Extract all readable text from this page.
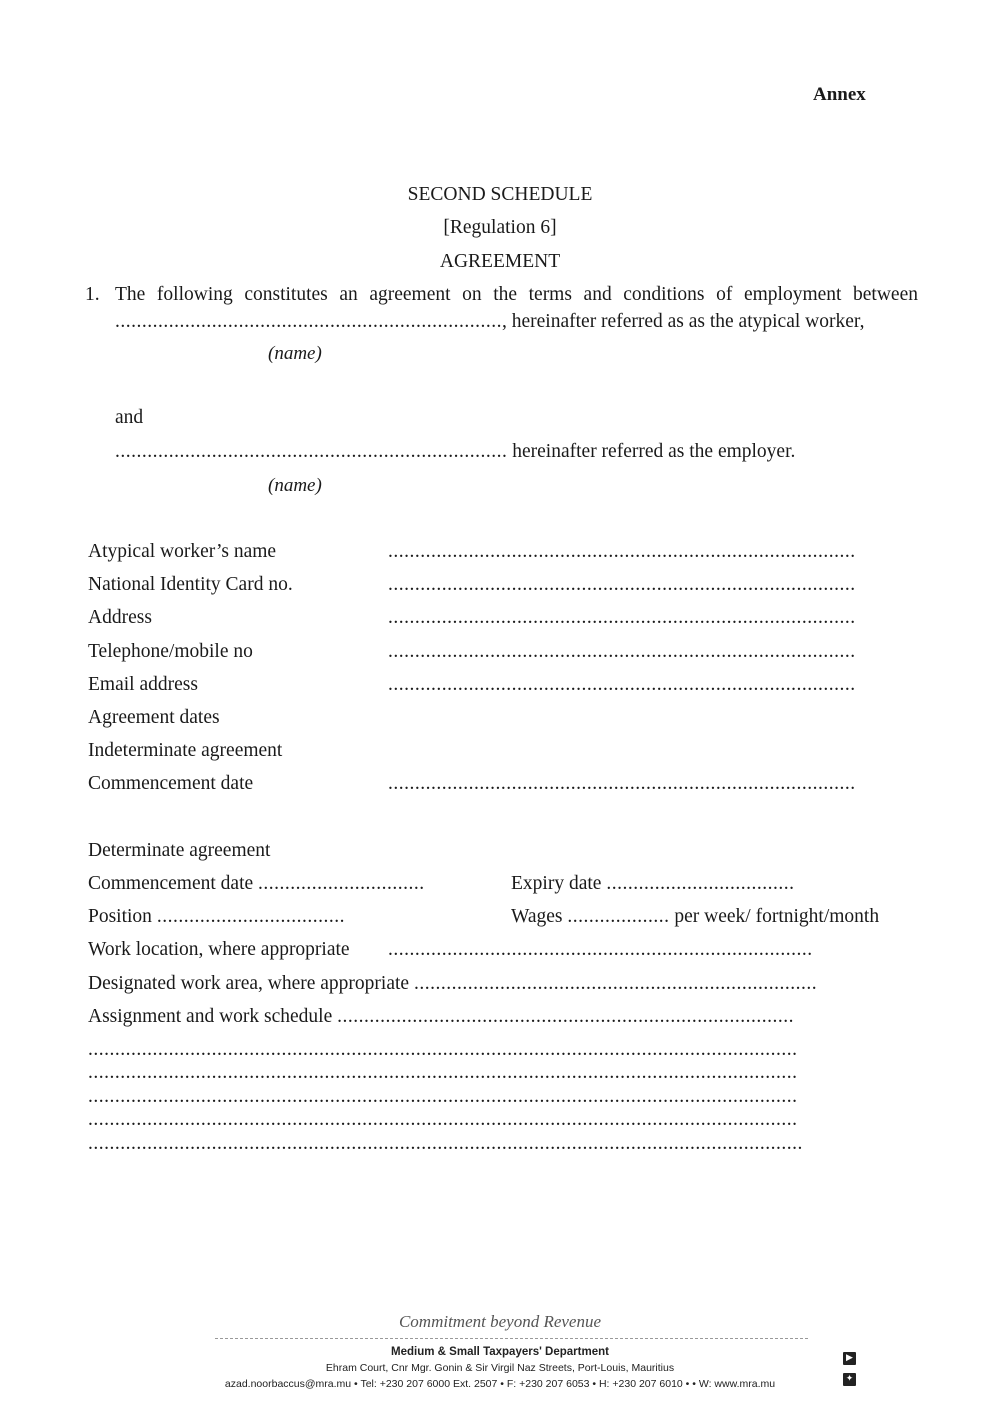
Annex
SECOND SCHEDULE
[Regulation 6]
AGREEMENT
1. The following constitutes an agreement on the terms and conditions of employment between
........................................................................, hereinafter referred as as the atypical worker,
(name)
and
......................................................................... hereinafter referred as the employer.
(name)
Atypical worker’s name	.......................................................................................
National Identity Card no.	.......................................................................................
Address	.......................................................................................
Telephone/mobile no	.......................................................................................
Email address	.......................................................................................
Agreement dates
Indeterminate agreement
Commencement date	.......................................................................................
Determinate agreement
Commencement date ...............................	Expiry date ...................................
Position ...................................	Wages ................... per week/ fortnight/month
Work location, where appropriate ...............................................................................
Designated work area, where appropriate ...........................................................................
Assignment and work schedule .....................................................................................
....................................................................................................................................
....................................................................................................................................
....................................................................................................................................
....................................................................................................................................
.....................................................................................................................................
Commitment beyond Revenue
Medium & Small Taxpayers' Department
Ehram Court, Cnr Mgr. Gonin & Sir Virgil Naz Streets, Port-Louis, Mauritius
azad.noorbaccus@mra.mu • Tel: +230 207 6000 Ext. 2507 • F: +230 207 6053 • H: +230 207 6010 • • W: www.mra.mu
▶
✦
